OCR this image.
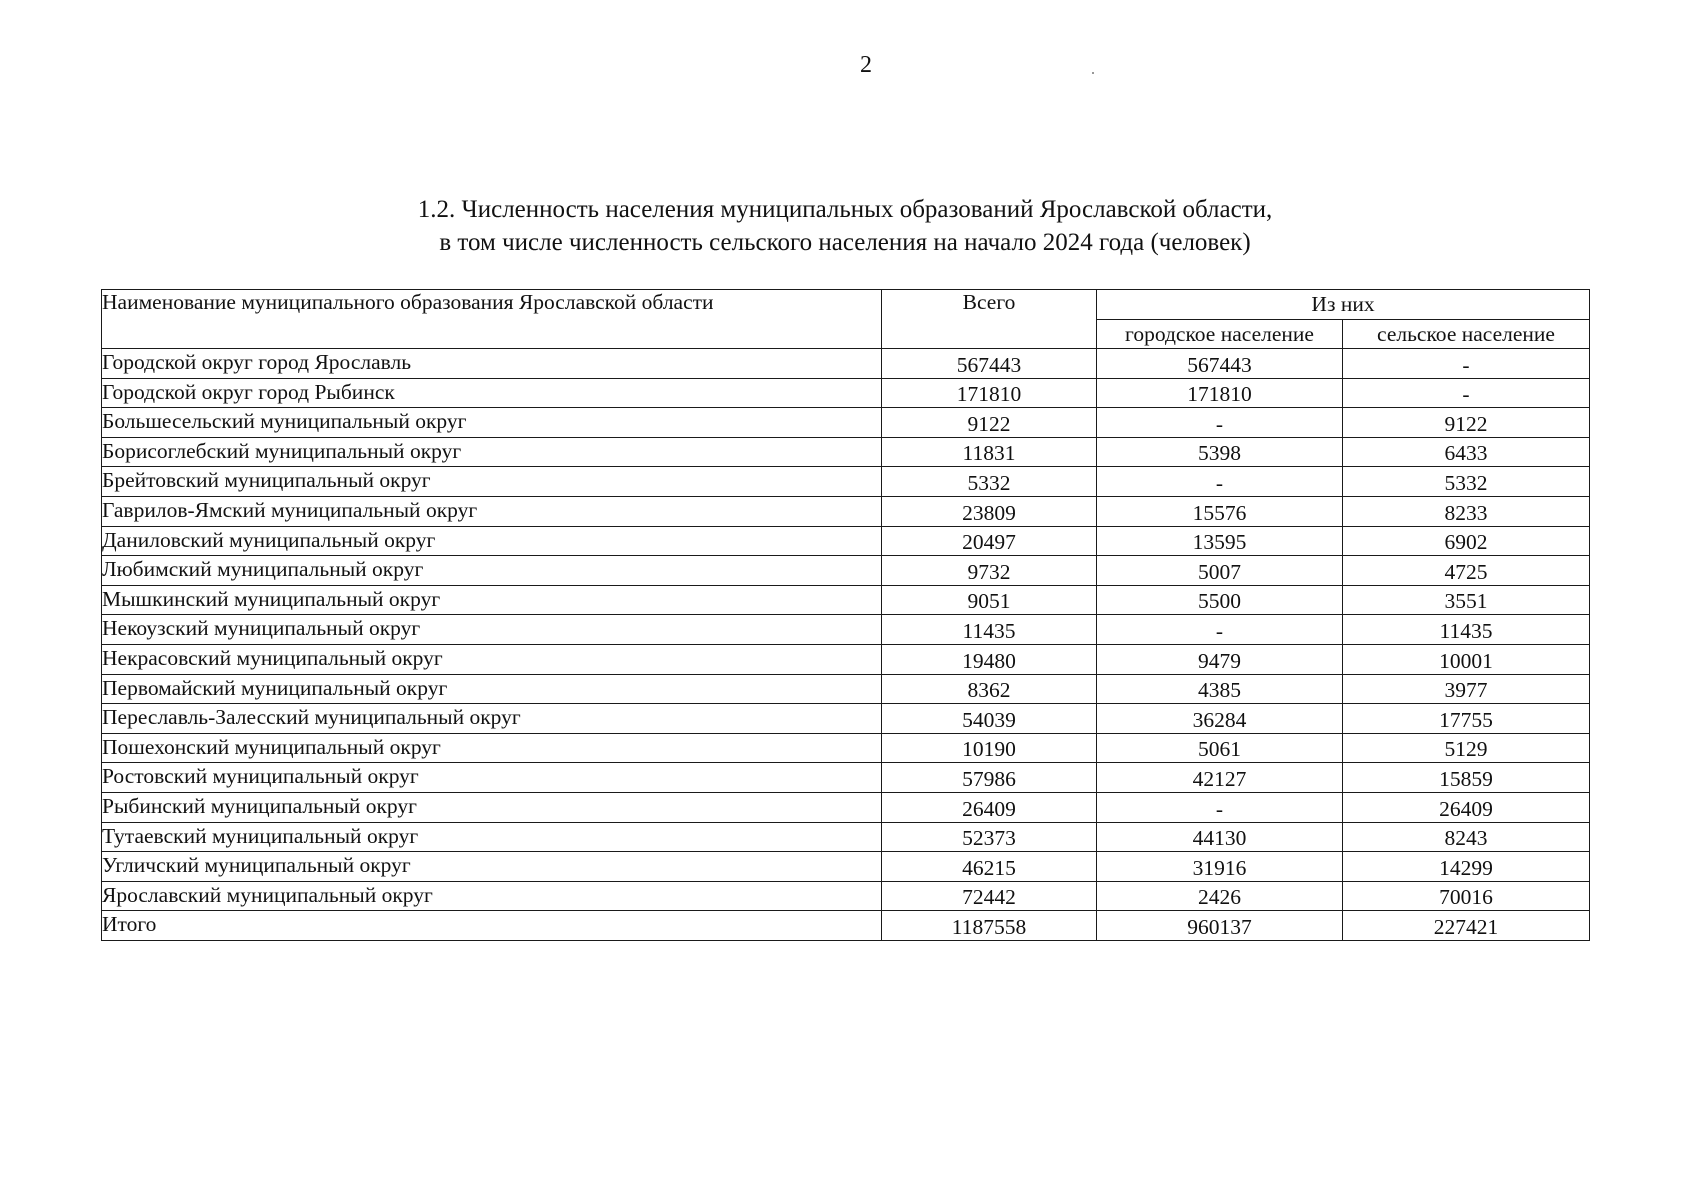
2
1.2. Численность населения муниципальных образований Ярославской области,
в том числе численность сельского населения на начало 2024 года (человек)
Наименование муниципального образования Ярославской области	Всего	Из них	
		городское население	сельское население
Городской округ город Ярославль	567443	567443	-
Городской округ город Рыбинск	171810	171810	-
Большесельский муниципальный округ	9122	-	9122
Борисоглебский муниципальный округ	11831	5398	6433
Брейтовский муниципальный округ	5332	-	5332
Гаврилов-Ямский муниципальный округ	23809	15576	8233
Даниловский муниципальный округ	20497	13595	6902
Любимский муниципальный округ	9732	5007	4725
Мышкинский муниципальный округ	9051	5500	3551
Некоузский муниципальный округ	11435	-	11435
Некрасовский муниципальный округ	19480	9479	10001
Первомайский муниципальный округ	8362	4385	3977
Переславль-Залесский муниципальный округ	54039	36284	17755
Пошехонский муниципальный округ	10190	5061	5129
Ростовский муниципальный округ	57986	42127	15859
Рыбинский муниципальный округ	26409	-	26409
Тутаевский муниципальный округ	52373	44130	8243
Угличский муниципальный округ	46215	31916	14299
Ярославский муниципальный округ	72442	2426	70016
Итого	1187558	960137	227421
